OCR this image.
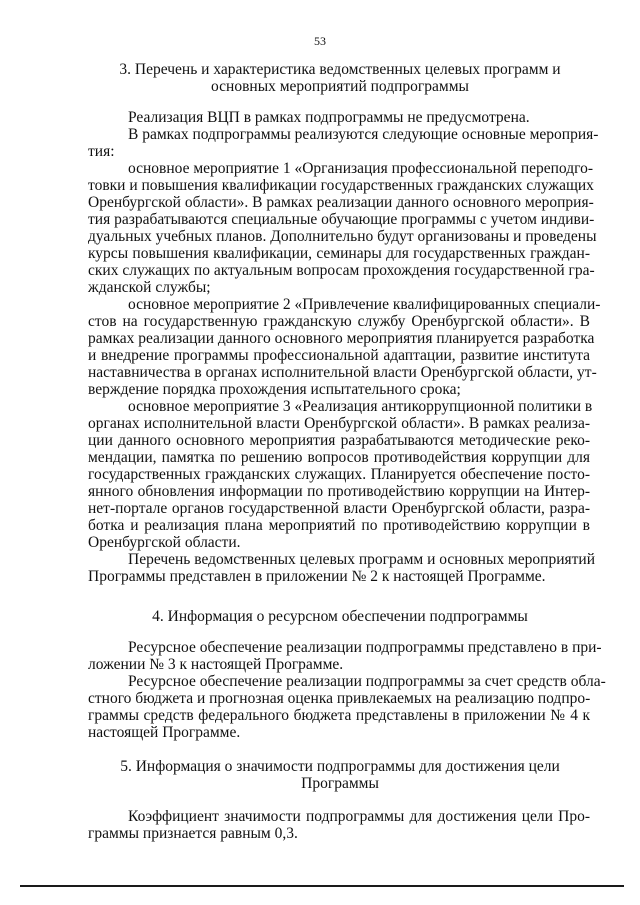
53
3. Перечень и характеристика ведомственных целевых программ и
основных мероприятий подпрограммы
Реализация ВЦП в рамках подпрограммы не предусмотрена.
В рамках подпрограммы реализуются следующие основные мероприя-
тия:
основное мероприятие 1 «Организация профессиональной переподго-
товки и повышения квалификации государственных гражданских служащих
Оренбургской области». В рамках реализации данного основного мероприя-
тия разрабатываются специальные обучающие программы с учетом индиви-
дуальных учебных планов. Дополнительно будут организованы и проведены
курсы повышения квалификации, семинары для государственных граждан-
ских служащих по актуальным вопросам прохождения государственной гра-
жданской службы;
основное мероприятие 2 «Привлечение квалифицированных специали-
стов на государственную гражданскую службу Оренбургской области». В
рамках реализации данного основного мероприятия планируется разработка
и внедрение программы профессиональной адаптации, развитие института
наставничества в органах исполнительной власти Оренбургской области, ут-
верждение порядка прохождения испытательного срока;
основное мероприятие 3 «Реализация антикоррупционной политики в
органах исполнительной власти Оренбургской области». В рамках реализа-
ции данного основного мероприятия разрабатываются методические реко-
мендации, памятка по решению вопросов противодействия коррупции для
государственных гражданских служащих. Планируется обеспечение посто-
янного обновления информации по противодействию коррупции на Интер-
нет-портале органов государственной власти Оренбургской области, разра-
ботка и реализация плана мероприятий по противодействию коррупции в
Оренбургской области.
Перечень ведомственных целевых программ и основных мероприятий
Программы представлен в приложении № 2 к настоящей Программе.
4. Информация о ресурсном обеспечении подпрограммы
Ресурсное обеспечение реализации подпрограммы представлено в при-
ложении № 3 к настоящей Программе.
Ресурсное обеспечение реализации подпрограммы за счет средств обла-
стного бюджета и прогнозная оценка привлекаемых на реализацию подпро-
граммы средств федерального бюджета представлены в приложении № 4 к
настоящей Программе.
5. Информация о значимости подпрограммы для достижения цели
Программы
Коэффициент значимости подпрограммы для достижения цели Про-
граммы признается равным 0,3.
